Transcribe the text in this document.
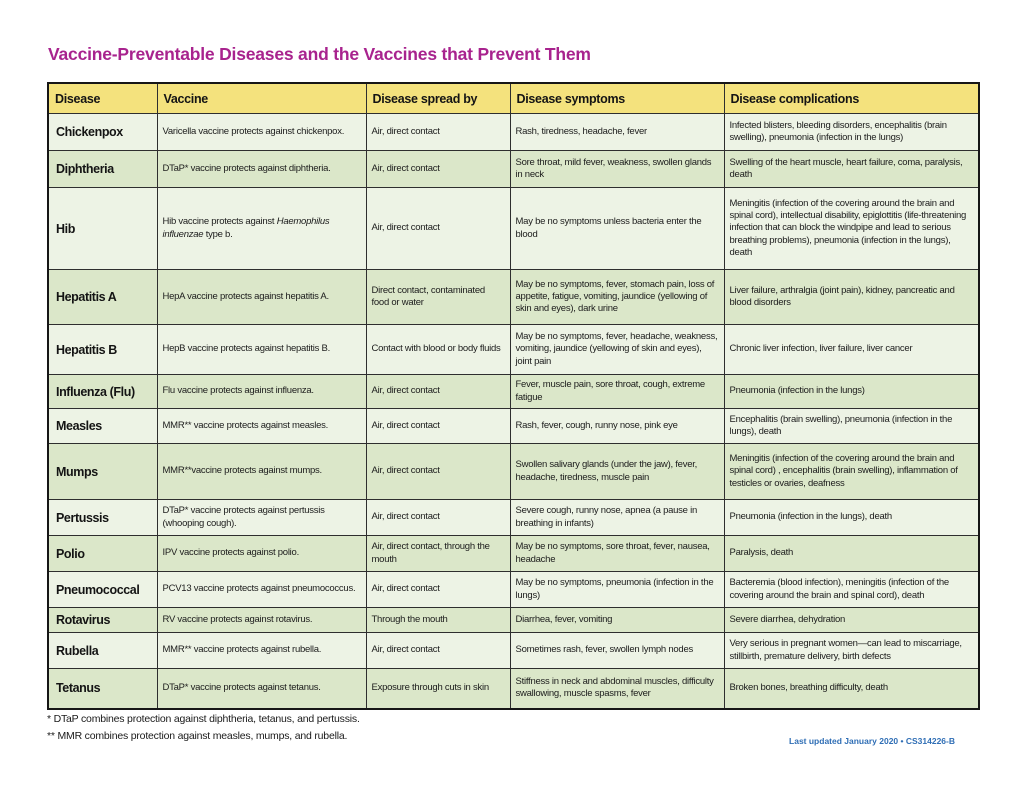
Vaccine-Preventable Diseases and the Vaccines that Prevent Them
Disease	Vaccine	Disease spread by	Disease symptoms	Disease complications
Chickenpox	Varicella vaccine protects against chickenpox.	Air, direct contact	Rash, tiredness, headache, fever	Infected blisters, bleeding disorders, encephalitis (brain swelling), pneumonia (infection in the lungs)
Diphtheria	DTaP* vaccine protects against diphtheria.	Air, direct contact	Sore throat, mild fever, weakness, swollen glands in neck	Swelling of the heart muscle, heart failure, coma, paralysis, death
Hib	Hib vaccine protects against Haemophilus influenzae type b.	Air, direct contact	May be no symptoms unless bacteria enter the blood	Meningitis (infection of the covering around the brain and spinal cord), intellectual disability, epiglottitis (life-threatening infection that can block the windpipe and lead to serious breathing problems), pneumonia (infection in the lungs), death
Hepatitis A	HepA vaccine protects against hepatitis A.	Direct contact, contaminated food or water	May be no symptoms, fever, stomach pain, loss of appetite, fatigue, vomiting, jaundice (yellowing of skin and eyes), dark urine	Liver failure, arthralgia (joint pain), kidney, pancreatic and blood disorders
Hepatitis B	HepB vaccine protects against hepatitis B.	Contact with blood or body fluids	May be no symptoms, fever, headache, weakness, vomiting, jaundice (yellowing of skin and eyes), joint pain	Chronic liver infection, liver failure, liver cancer
Influenza (Flu)	Flu vaccine protects against influenza.	Air, direct contact	Fever, muscle pain, sore throat, cough, extreme fatigue	Pneumonia (infection in the lungs)
Measles	MMR** vaccine protects against measles.	Air, direct contact	Rash, fever, cough, runny nose, pink eye	Encephalitis (brain swelling), pneumonia (infection in the lungs), death
Mumps	MMR**vaccine protects against mumps.	Air, direct contact	Swollen salivary glands (under the jaw), fever, headache, tiredness, muscle pain	Meningitis (infection of the covering around the brain and spinal cord) , encephalitis (brain swelling), inflammation of testicles or ovaries, deafness
Pertussis	DTaP* vaccine protects against pertussis (whooping cough).	Air, direct contact	Severe cough, runny nose, apnea (a pause in breathing in infants)	Pneumonia (infection in the lungs), death
Polio	IPV vaccine protects against polio.	Air, direct contact, through the mouth	May be no symptoms, sore throat, fever, nausea, headache	Paralysis, death
Pneumococcal	PCV13 vaccine protects against pneumococcus.	Air, direct contact	May be no symptoms, pneumonia (infection in the lungs)	Bacteremia (blood infection), meningitis (infection of the covering around the brain and spinal cord), death
Rotavirus	RV vaccine protects against rotavirus.	Through the mouth	Diarrhea, fever, vomiting	Severe diarrhea, dehydration
Rubella	MMR** vaccine protects against rubella.	Air, direct contact	Sometimes rash, fever, swollen lymph nodes	Very serious in pregnant women—can lead to miscarriage, stillbirth, premature delivery, birth defects
Tetanus	DTaP* vaccine protects against tetanus.	Exposure through cuts in skin	Stiffness in neck and abdominal muscles, difficulty swallowing, muscle spasms, fever	Broken bones, breathing difficulty, death
* DTaP combines protection against diphtheria, tetanus, and pertussis.
** MMR combines protection against measles, mumps, and rubella.	Last updated January 2020 • CS314226-B
